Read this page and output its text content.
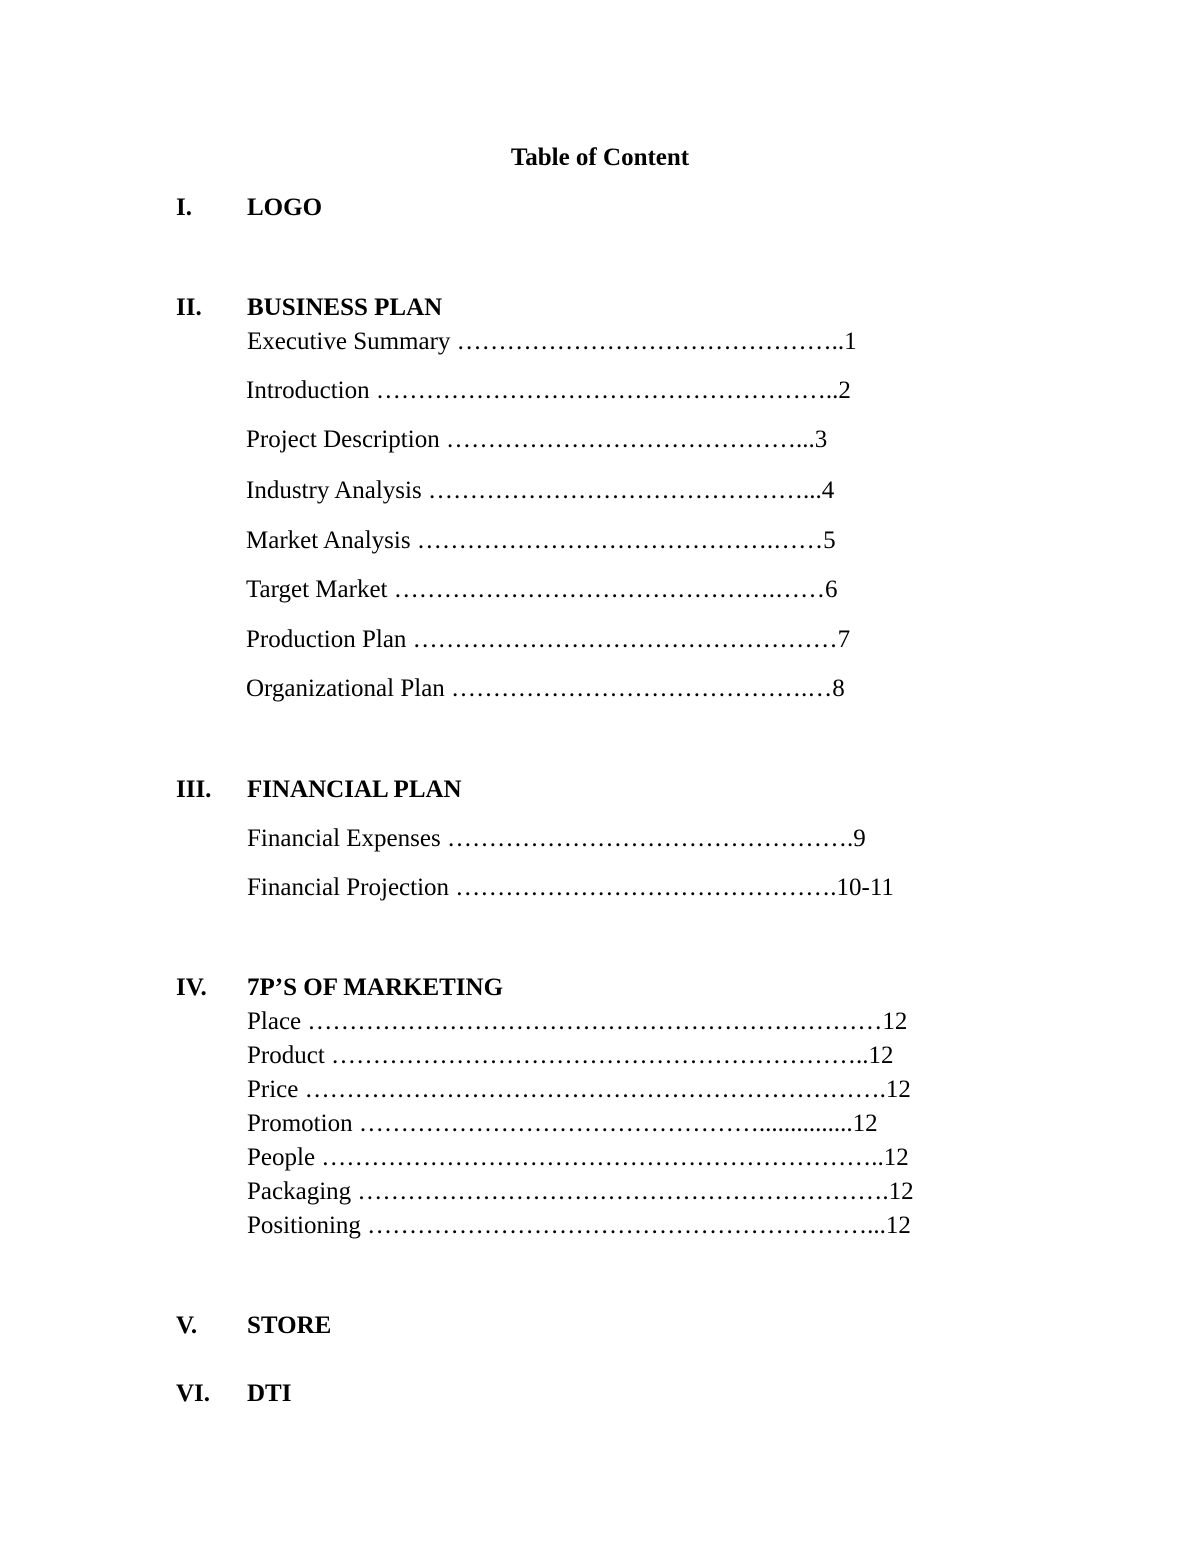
Table of Content
I. LOGO
II. BUSINESS PLAN
Executive Summary ………………………………………..1
Introduction ………………………………………………..2
Project Description ……………………………………...3
Industry Analysis ………………………………………...4
Market Analysis …………………………………….……5
Target Market ……………………………………….……6
Production Plan ……………………………………………7
Organizational Plan …………………………………….…8
III. FINANCIAL PLAN
Financial Expenses ………………………………………….9
Financial Projection ……………………………………….10-11
IV. 7P’S OF MARKETING
Place ……………………………………………………………12
Product ………………………………………………………..12
Price …………………………………………………………….12
Promotion …………………………………………...............12
People …………………………………………………………..12
Packaging ……………………………………………………….12
Positioning ……………………………………………………...12
V. STORE
VI. DTI
